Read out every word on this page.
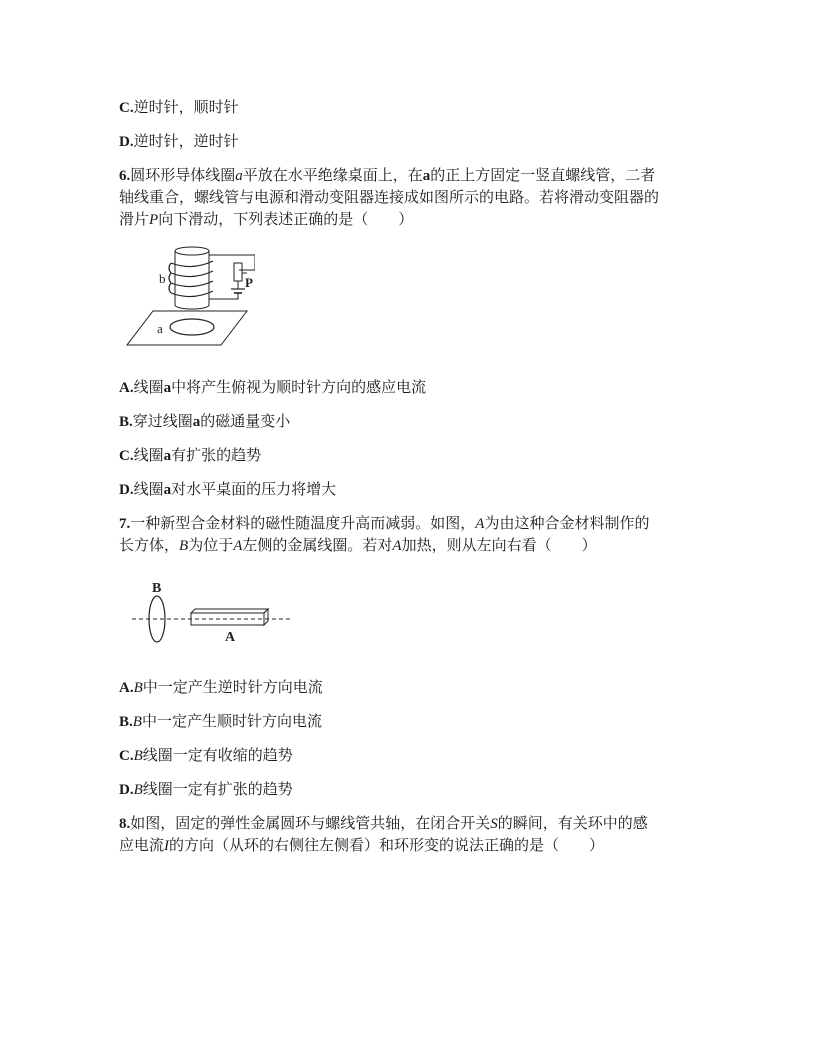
C.逆时针，顺时针
D.逆时针，逆时针
6.圆环形导体线圈a平放在水平绝缘桌面上，在a的正上方固定一竖直螺线管，二者
轴线重合，螺线管与电源和滑动变阻器连接成如图所示的电路。若将滑动变阻器的
滑片P向下滑动，下列表述正确的是（　　）
P
b
a
A.线圈a中将产生俯视为顺时针方向的感应电流
B.穿过线圈a的磁通量变小
C.线圈a有扩张的趋势
D.线圈a对水平桌面的压力将增大
7.一种新型合金材料的磁性随温度升高而减弱。如图，A为由这种合金材料制作的
长方体，B为位于A左侧的金属线圈。若对A加热，则从左向右看（　　）
B
A
A.B中一定产生逆时针方向电流
B.B中一定产生顺时针方向电流
C.B线圈一定有收缩的趋势
D.B线圈一定有扩张的趋势
8.如图，固定的弹性金属圆环与螺线管共轴，在闭合开关S的瞬间，有关环中的感
应电流I的方向（从环的右侧往左侧看）和环形变的说法正确的是（　　）
